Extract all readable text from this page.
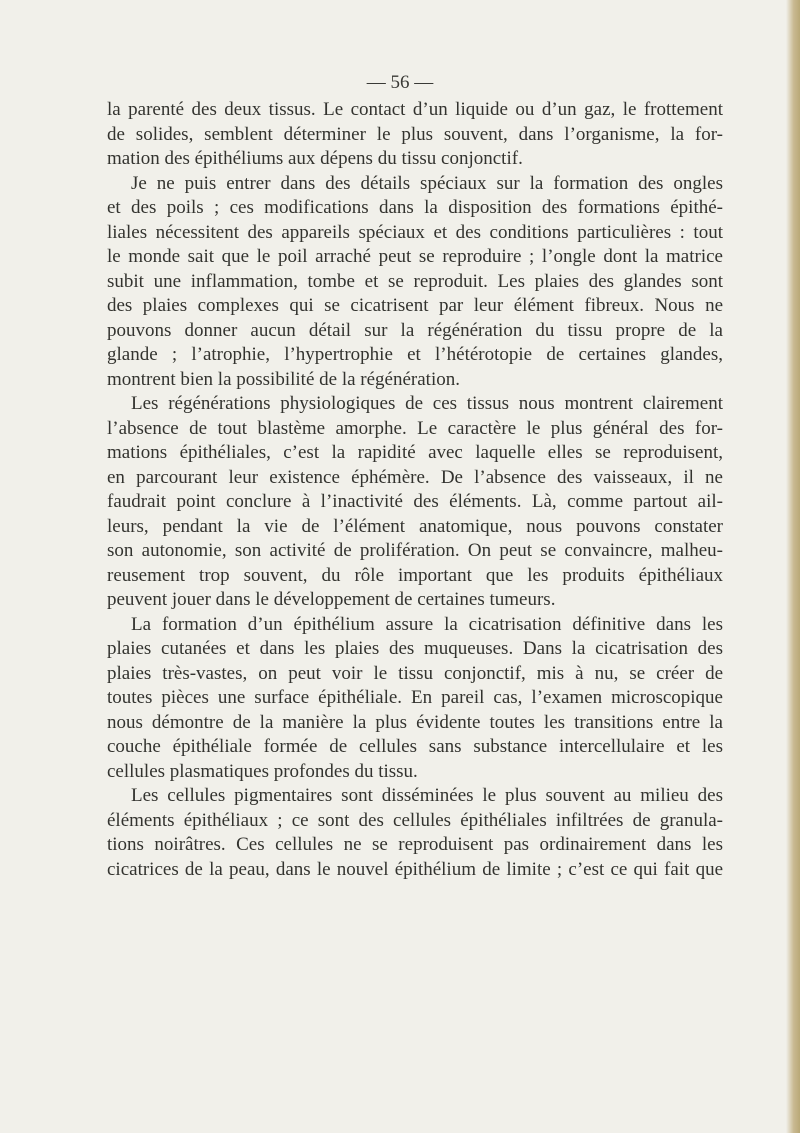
— 56 —
la parenté des deux tissus. Le contact d’un liquide ou d’un gaz, le frottement
de solides, semblent déterminer le plus souvent, dans l’organisme, la for-
mation des épithéliums aux dépens du tissu conjonctif.
Je ne puis entrer dans des détails spéciaux sur la formation des ongles
et des poils ; ces modifications dans la disposition des formations épithé-
liales nécessitent des appareils spéciaux et des conditions particulières : tout
le monde sait que le poil arraché peut se reproduire ; l’ongle dont la matrice
subit une inflammation, tombe et se reproduit. Les plaies des glandes sont
des plaies complexes qui se cicatrisent par leur élément fibreux. Nous ne
pouvons donner aucun détail sur la régénération du tissu propre de la
glande ; l’atrophie, l’hypertrophie et l’hétérotopie de certaines glandes,
montrent bien la possibilité de la régénération.
Les régénérations physiologiques de ces tissus nous montrent clairement
l’absence de tout blastème amorphe. Le caractère le plus général des for-
mations épithéliales, c’est la rapidité avec laquelle elles se reproduisent,
en parcourant leur existence éphémère. De l’absence des vaisseaux, il ne
faudrait point conclure à l’inactivité des éléments. Là, comme partout ail-
leurs, pendant la vie de l’élément anatomique, nous pouvons constater
son autonomie, son activité de prolifération. On peut se convaincre, malheu-
reusement trop souvent, du rôle important que les produits épithéliaux
peuvent jouer dans le développement de certaines tumeurs.
La formation d’un épithélium assure la cicatrisation définitive dans les
plaies cutanées et dans les plaies des muqueuses. Dans la cicatrisation des
plaies très-vastes, on peut voir le tissu conjonctif, mis à nu, se créer de
toutes pièces une surface épithéliale. En pareil cas, l’examen microscopique
nous démontre de la manière la plus évidente toutes les transitions entre la
couche épithéliale formée de cellules sans substance intercellulaire et les
cellules plasmatiques profondes du tissu.
Les cellules pigmentaires sont disséminées le plus souvent au milieu des
éléments épithéliaux ; ce sont des cellules épithéliales infiltrées de granula-
tions noirâtres. Ces cellules ne se reproduisent pas ordinairement dans les
cicatrices de la peau, dans le nouvel épithélium de limite ; c’est ce qui fait que
